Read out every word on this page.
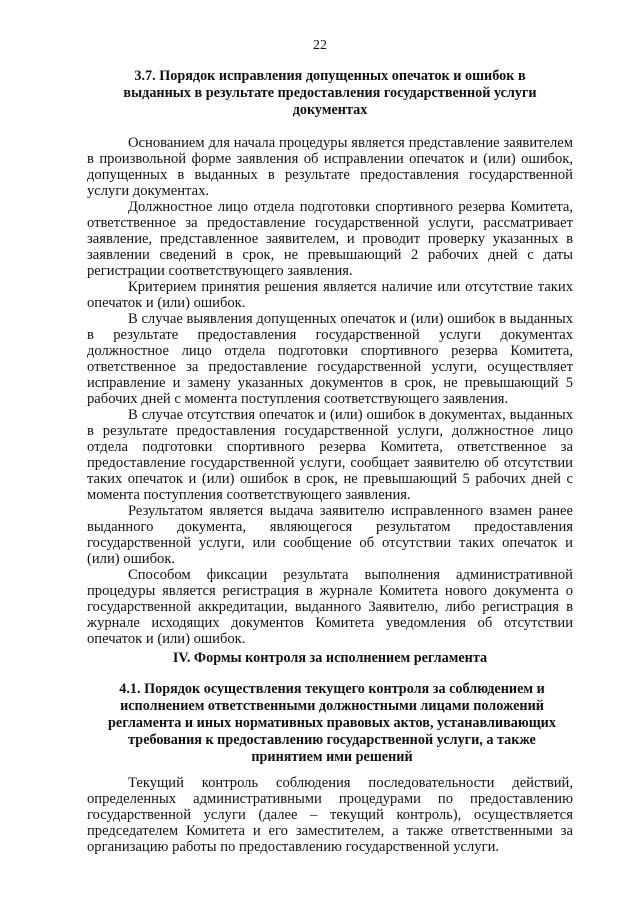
22
3.7. Порядок исправления допущенных опечаток и ошибок в выданных в результате предоставления государственной услуги документах

Основанием для начала процедуры является представление заявителем в произвольной форме заявления об исправлении опечаток и (или) ошибок, допущенных в выданных в результате предоставления государственной услуги документах.

Должностное лицо отдела подготовки спортивного резерва Комитета, ответственное за предоставление государственной услуги, рассматривает заявление, представленное заявителем, и проводит проверку указанных в заявлении сведений в срок, не превышающий 2 рабочих дней с даты регистрации соответствующего заявления.

Критерием принятия решения является наличие или отсутствие таких опечаток и (или) ошибок.

В случае выявления допущенных опечаток и (или) ошибок в выданных в результате предоставления государственной услуги документах должностное лицо отдела подготовки спортивного резерва Комитета, ответственное за предоставление государственной услуги, осуществляет исправление и замену указанных документов в срок, не превышающий 5 рабочих дней с момента поступления соответствующего заявления.

В случае отсутствия опечаток и (или) ошибок в документах, выданных в результате предоставления государственной услуги, должностное лицо отдела подготовки спортивного резерва Комитета, ответственное за предоставление государственной услуги, сообщает заявителю об отсутствии таких опечаток и (или) ошибок в срок, не превышающий 5 рабочих дней с момента поступления соответствующего заявления.

Результатом является выдача заявителю исправленного взамен ранее выданного документа, являющегося результатом предоставления государственной услуги, или сообщение об отсутствии таких опечаток и (или) ошибок.

Способом фиксации результата выполнения административной процедуры является регистрация в журнале Комитета нового документа о государственной аккредитации, выданного Заявителю, либо регистрация в журнале исходящих документов Комитета уведомления об отсутствии опечаток и (или) ошибок.

IV. Формы контроля за исполнением регламента
4.1. Порядок осуществления текущего контроля за соблюдением и исполнением ответственными должностными лицами положений регламента и иных нормативных правовых актов, устанавливающих требования к предоставлению государственной услуги, а также принятием ими решений

Текущий контроль соблюдения последовательности действий, определенных административными процедурами по предоставлению государственной услуги (далее – текущий контроль), осуществляется председателем Комитета и его заместителем, а также ответственными за организацию работы по предоставлению государственной услуги.
